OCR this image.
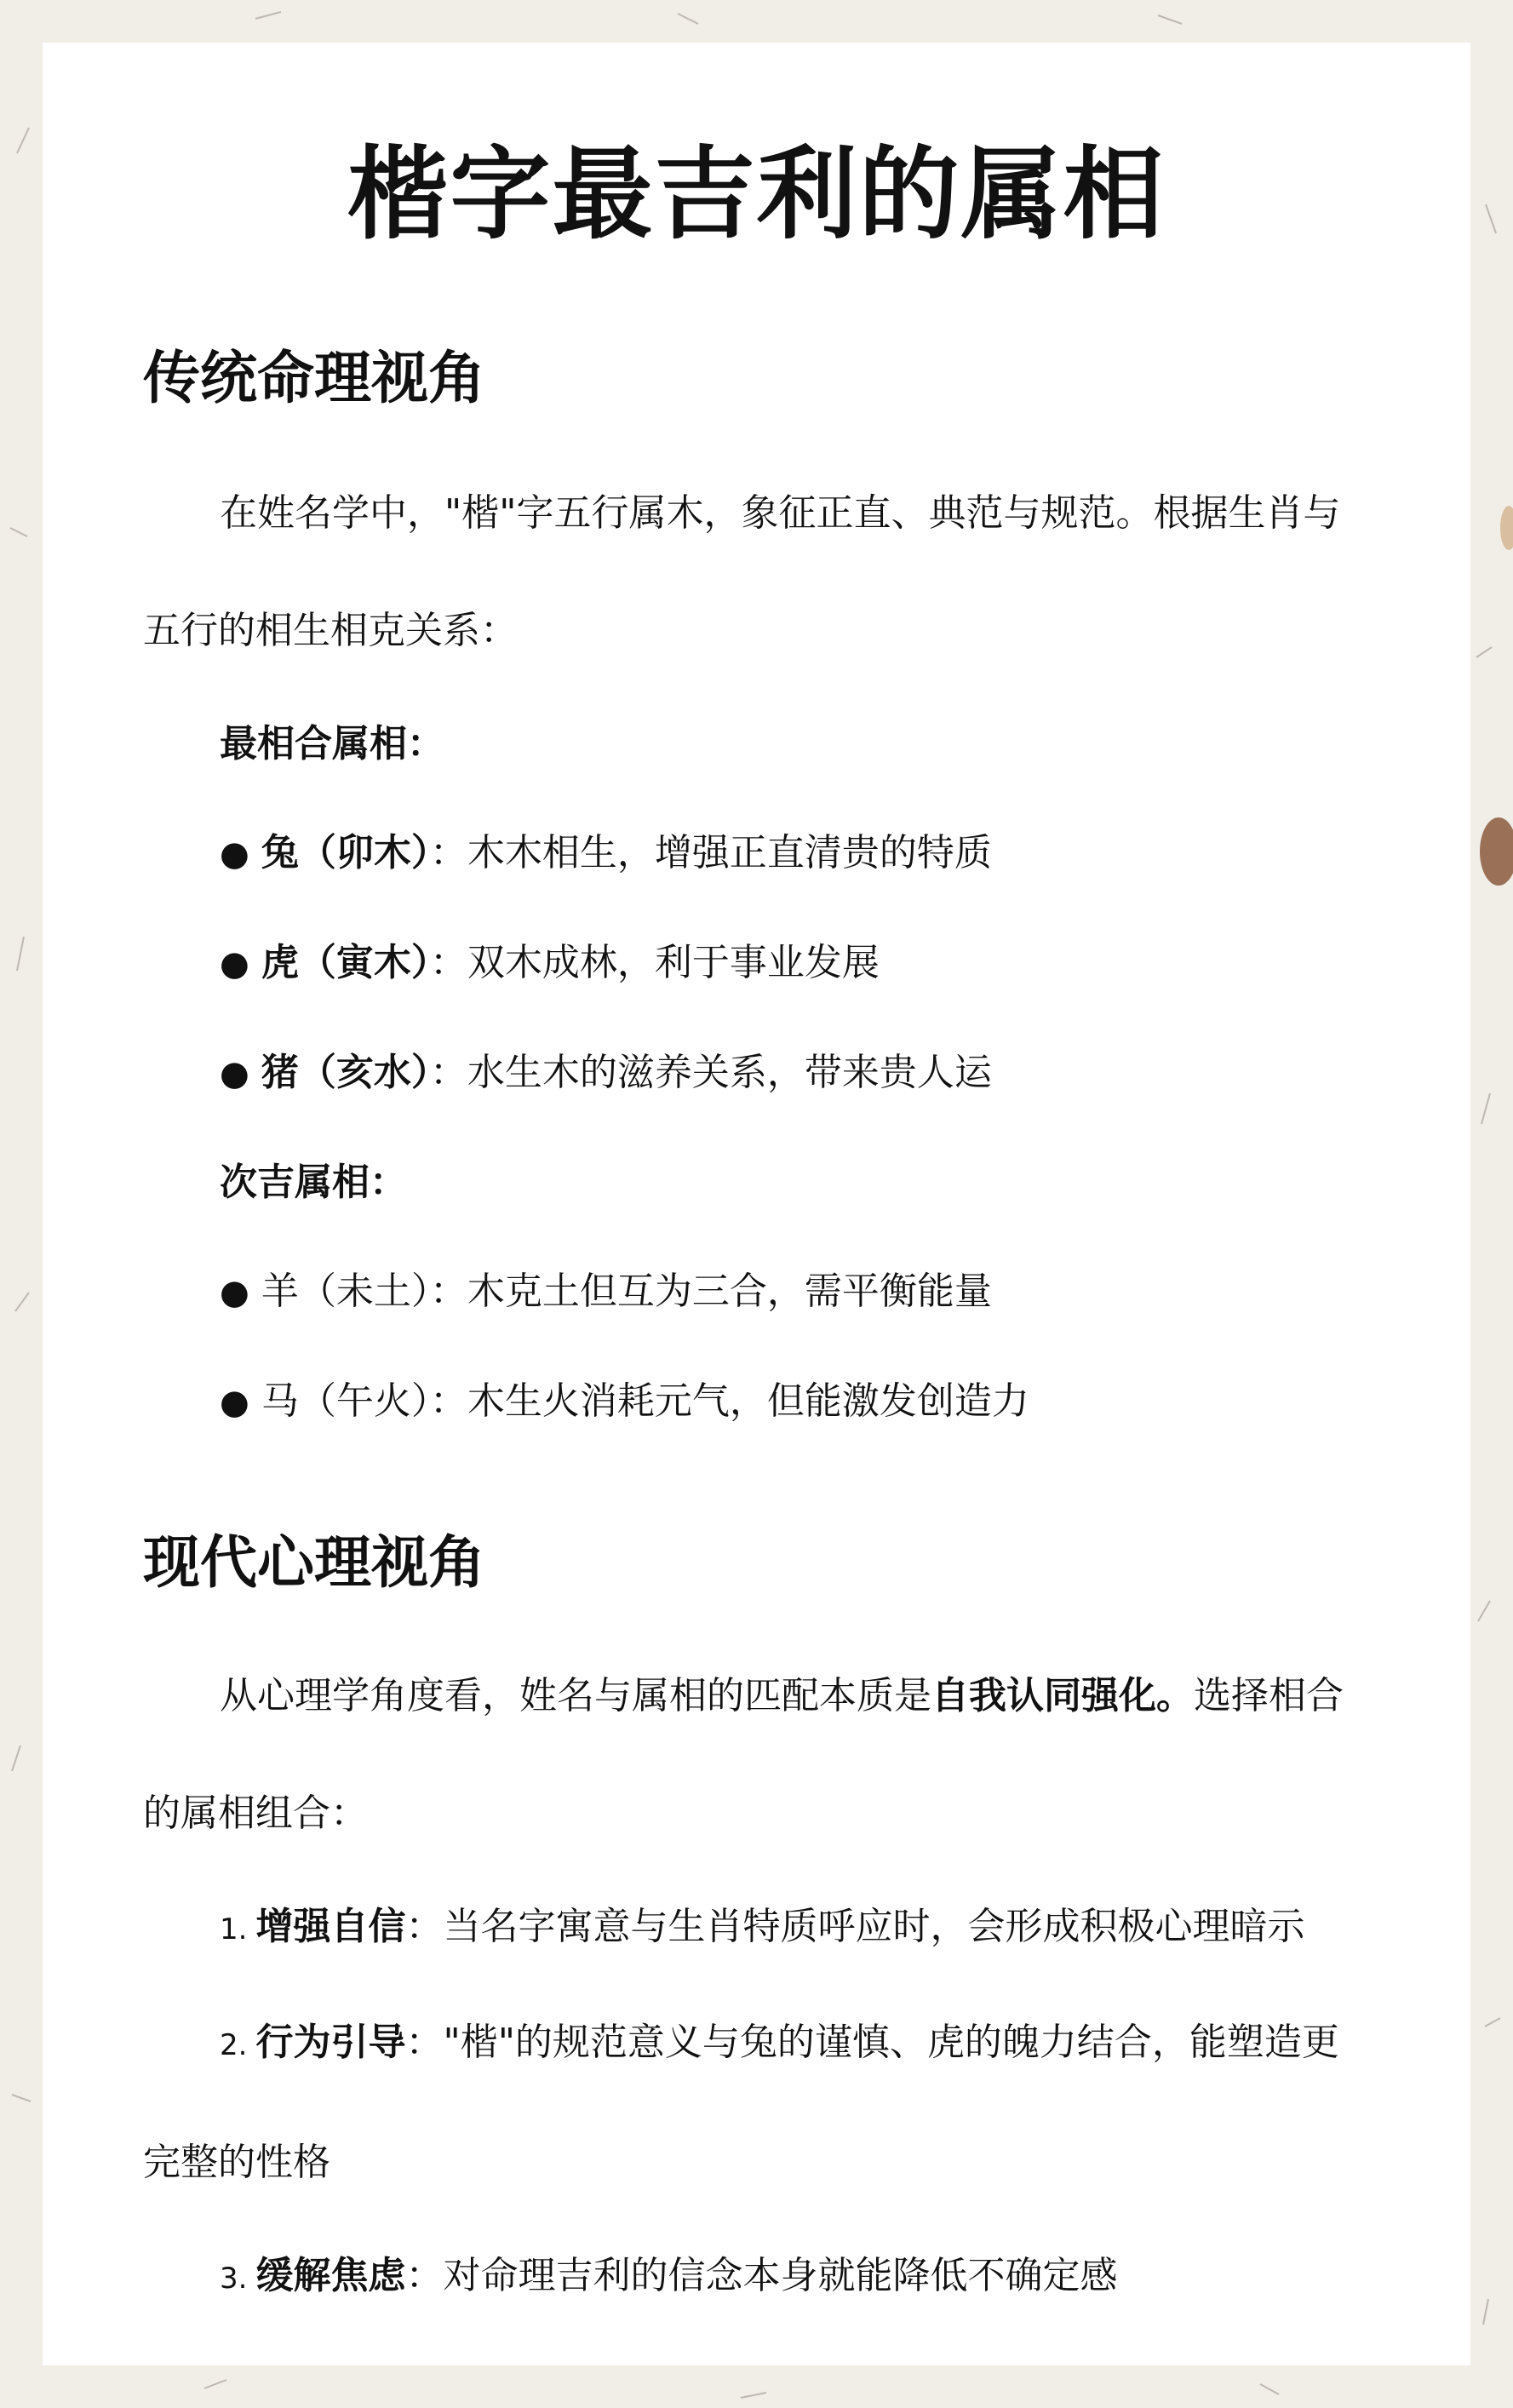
楷字最吉利的属相
传统命理视角

在姓名学中，"楷"字五行属木，象征正直、典范与规范。根据生肖与五行的相生相克关系：

最相合属相：

● 兔（卯木）：木木相生，增强正直清贵的特质

● 虎（寅木）：双木成林，利于事业发展

● 猪（亥水）：水生木的滋养关系，带来贵人运

次吉属相：

● 羊（未土）：木克土但互为三合，需平衡能量

● 马（午火）：木生火消耗元气，但能激发创造力

现代心理视角

从心理学角度看，姓名与属相的匹配本质是自我认同强化。选择相合的属相组合：

1. 增强自信：当名字寓意与生肖特质呼应时，会形成积极心理暗示

2. 行为引导："楷"的规范意义与兔的谨慎、虎的魄力结合，能塑造更完整的性格

3. 缓解焦虑：对命理吉利的信念本身就能降低不确定感
